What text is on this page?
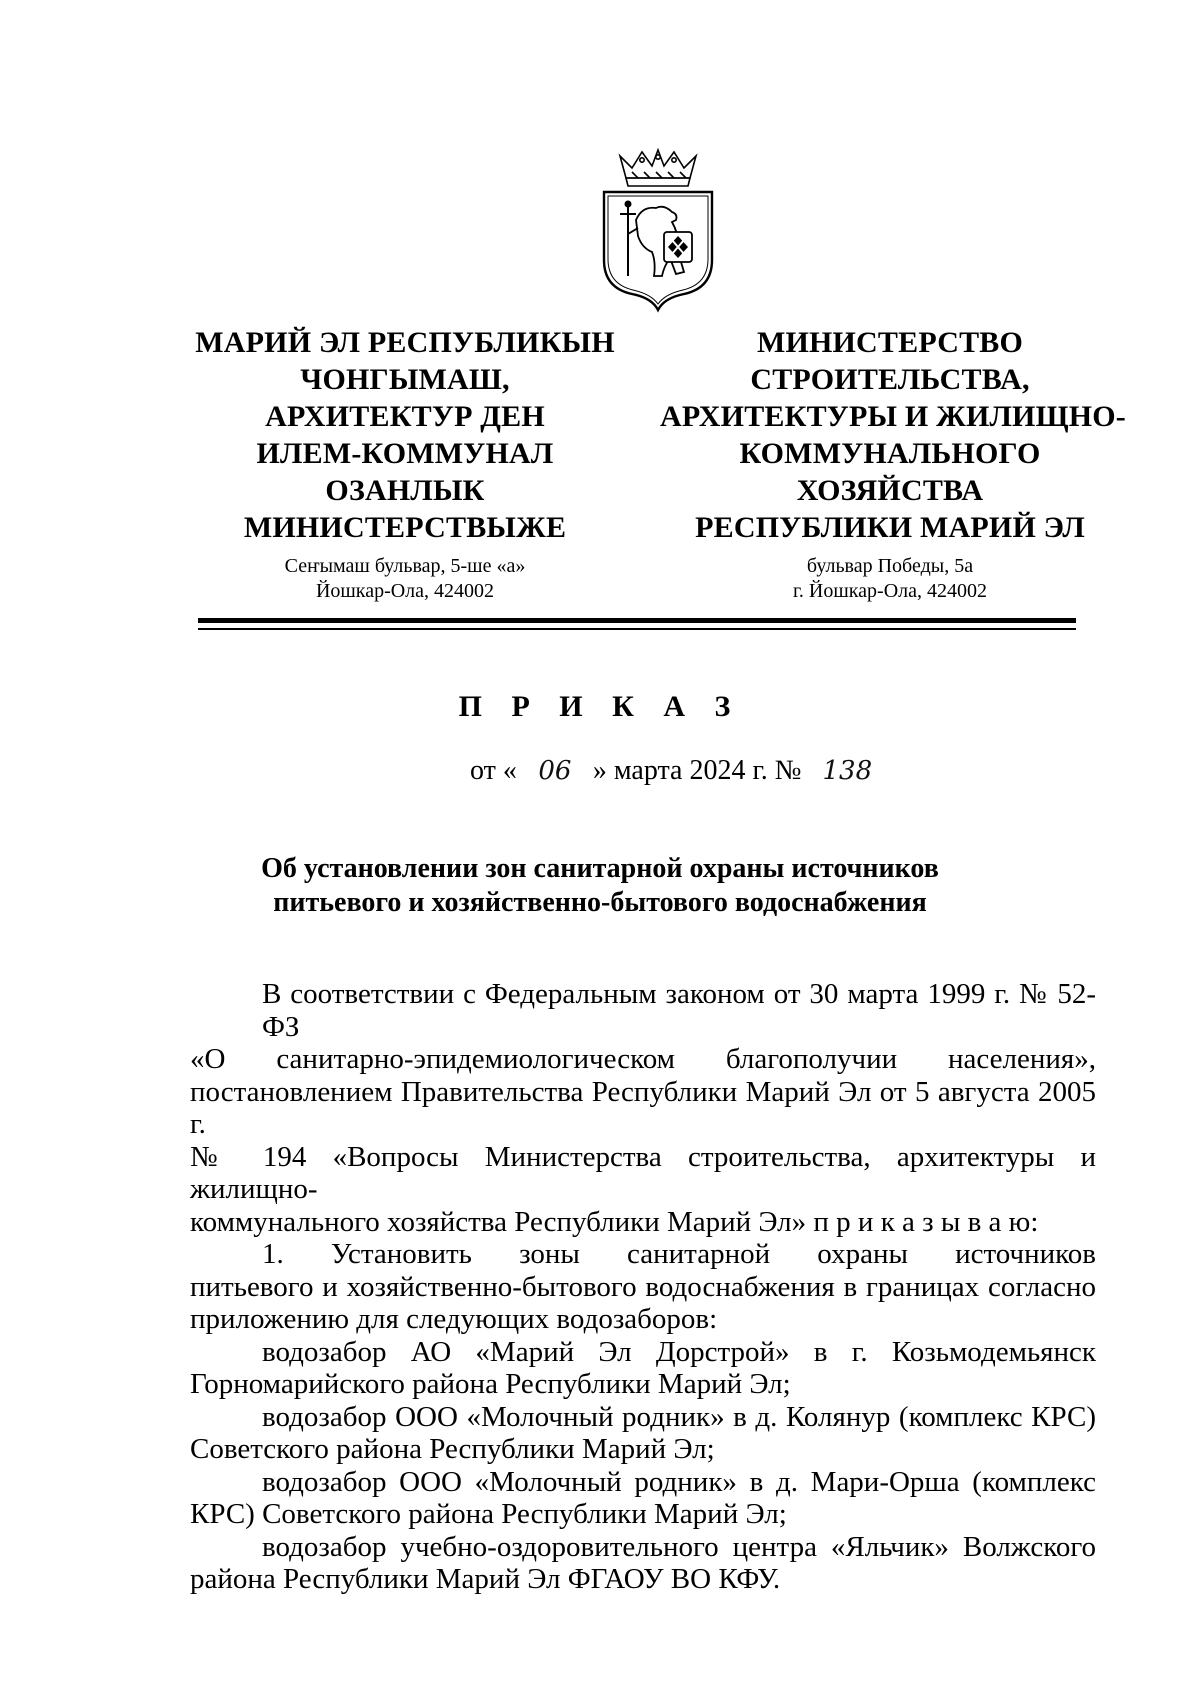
МАРИЙ ЭЛ РЕСПУБЛИКЫН
ЧОНГЫМАШ,
АРХИТЕКТУР ДЕН
ИЛЕМ-КОММУНАЛ
ОЗАНЛЫК
МИНИСТЕРСТВЫЖЕ
МИНИСТЕРСТВО
СТРОИТЕЛЬСТВА,
АРХИТЕКТУРЫ И ЖИЛИЩНО-
КОММУНАЛЬНОГО
ХОЗЯЙСТВА
РЕСПУБЛИКИ МАРИЙ ЭЛ
Сеҥымаш бульвар, 5-ше «а»
Йошкар-Ола, 424002
бульвар Победы, 5а
г. Йошкар-Ола, 424002
П Р И К А З
от « 06 » марта 2024 г. № 138
Об установлении зон санитарной охраны источников
питьевого и хозяйственно-бытового водоснабжения
В соответствии с Федеральным законом от 30 марта 1999 г. № 52-ФЗ
«О санитарно-эпидемиологическом благополучии населения»,
постановлением Правительства Республики Марий Эл от 5 августа 2005 г.
№ 194 «Вопросы Министерства строительства, архитектуры и жилищно-
коммунального хозяйства Республики Марий Эл» п р и к а з ы в а ю:
1. Установить зоны санитарной охраны источников
питьевого и хозяйственно-бытового водоснабжения в границах согласно
приложению для следующих водозаборов:
водозабор АО «Марий Эл Дорстрой» в г. Козьмодемьянск
Горномарийского района Республики Марий Эл;
водозабор ООО «Молочный родник» в д. Колянур (комплекс КРС)
Советского района Республики Марий Эл;
водозабор ООО «Молочный родник» в д. Мари-Орша (комплекс
КРС) Советского района Республики Марий Эл;
водозабор учебно-оздоровительного центра «Яльчик» Волжского
района Республики Марий Эл ФГАОУ ВО КФУ.
